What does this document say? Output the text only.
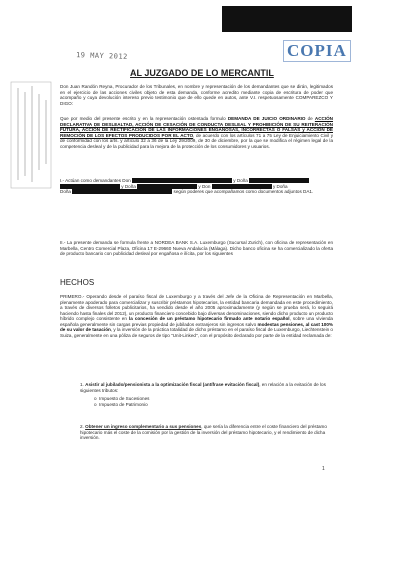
19 MAY 2012	COPIA
AL JUZGADO DE LO MERCANTIL
Don Juan Randón Reyna, Procurador de los Tribunales, en nombre y representación de los demandantes que se dirán, legitimados en el ejercicio de las acciones civiles objeto de esta demanda, conforme acredito mediante copia de escritura de poder que acompaño y cuya devolución intereso previo testimonio que de ello quede en autos, ante V.I. respetuosamente COMPAREZCO Y DIGO:
Que por medio del presente escrito y en la representación ostentada formulo DEMANDA DE JUICIO ORDINARIO de ACCIÓN DECLARATIVA DE DESLEALTAD, ACCIÓN DE CESACIÓN DE CONDUCTA DESLEAL Y PROHIBICIÓN DE SU REITERACIÓN FUTURA, ACCIÓN DE RECTIFICACIÓN DE LAS INFORMACIONES ENGAÑOSAS, INCORRECTAS O FALSAS y ACCIÓN DE REMOCIÓN DE LOS EFECTOS PRODUCIDOS POR EL ACTO, de acuerdo con los artículos 71 a 75 Ley de Enjuiciamiento Civil y de conformidad con los arts. y artículo 32 a 36 de la Ley 29/2009, de 30 de diciembre, por la que se modifica el régimen legal de la competencia desleal y de la publicidad para la mejora de la protección de los consumidores y usuarios.
I.- Actúan como demandantes Don	y Doña
y Doña	y Don	y Doña
Doña	según poderes que acompañamos como documentos adjuntos DA1.
II.- La presente demanda se formula frente a NORDEA BANK S.A. Luxemburgo (Sucursal Zurich), con oficina de representación en Marbella, Centro Comercial Plaza, Oficina 17 E-29660 Nueva Andalucía (Málaga). Dicho banco oficina se ha comercializado la oferta de producto bancario con publicidad desleal por engañosa e ilícita, por los siguientes
HECHOS
PRIMERO.- Operando desde el paraíso fiscal de Luxemburgo y a través del Jefe de la Oficina de Representación en Marbella, plenamente apoderado para comercializar y suscribir préstamos hipotecarios, la entidad bancaria demandada en este procedimiento, a través de diversos folletos publicitarios, ha vendido desde el año 2005 aproximadamente (y según se prueba será, lo seguirá haciendo hasta finales del 2012), un producto financiero concebido bajo diversas denominaciones, siendo dicho producto un producto híbrido complejo consistente en la concesión de un préstamo hipotecario firmado ante notario español, sobre una vivienda española generalmente sin cargas previas propiedad de jubilados extranjeros sin ingresos salvo modestas pensiones, al cast 100% de su valor de tasación, y la inversión de la práctica totalidad de dicho préstamo en el paraíso fiscal de Luxemburgo, Liechtenstein o Suiza, generalmente en una póliza de seguros de tipo "Unit-Linked", con el propósito declarado por parte de la entidad reclamada de:
1. Asistir al jubilado/pensionista a la optimización fiscal (antífrase evitación fiscal), en relación a la evitación de los siguientes tributos:
o  Impuesto de Sucesiones
o  Impuesto de Patrimonio
2. Obtener un ingreso complementario a sus pensiones, que sería la diferencia entre el coste financiero del préstamo hipotecario más el coste de la comisión por la gestión de la inversión del préstamo hipotecario, y el rendimiento de dicha inversión.
1
